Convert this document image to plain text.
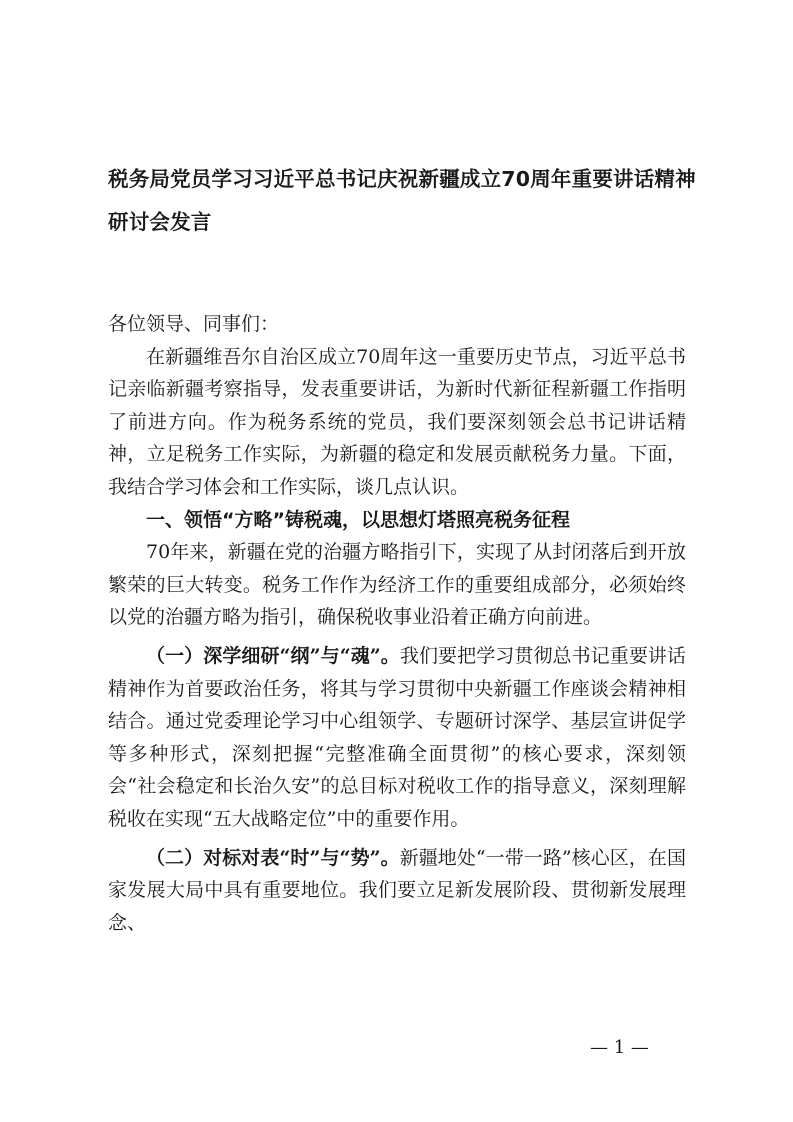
税务局党员学习习近平总书记庆祝新疆成立70周年重要讲话精神研讨会发言

各位领导、同事们：

在新疆维吾尔自治区成立70周年这一重要历史节点，习近平总书记亲临新疆考察指导，发表重要讲话，为新时代新征程新疆工作指明了前进方向。作为税务系统的党员，我们要深刻领会总书记讲话精神，立足税务工作实际，为新疆的稳定和发展贡献税务力量。下面，我结合学习体会和工作实际，谈几点认识。

一、领悟“方略”铸税魂，以思想灯塔照亮税务征程

70年来，新疆在党的治疆方略指引下，实现了从封闭落后到开放繁荣的巨大转变。税务工作作为经济工作的重要组成部分，必须始终以党的治疆方略为指引，确保税收事业沿着正确方向前进。

（一）深学细研“纲”与“魂”。我们要把学习贯彻总书记重要讲话精神作为首要政治任务，将其与学习贯彻中央新疆工作座谈会精神相结合。通过党委理论学习中心组领学、专题研讨深学、基层宣讲促学等多种形式，深刻把握“完整准确全面贯彻”的核心要求，深刻领会“社会稳定和长治久安”的总目标对税收工作的指导意义，深刻理解税收在实现“五大战略定位”中的重要作用。

（二）对标对表“时”与“势”。新疆地处“一带一路”核心区，在国家发展大局中具有重要地位。我们要立足新发展阶段、贯彻新发展理念、

— 1 —
